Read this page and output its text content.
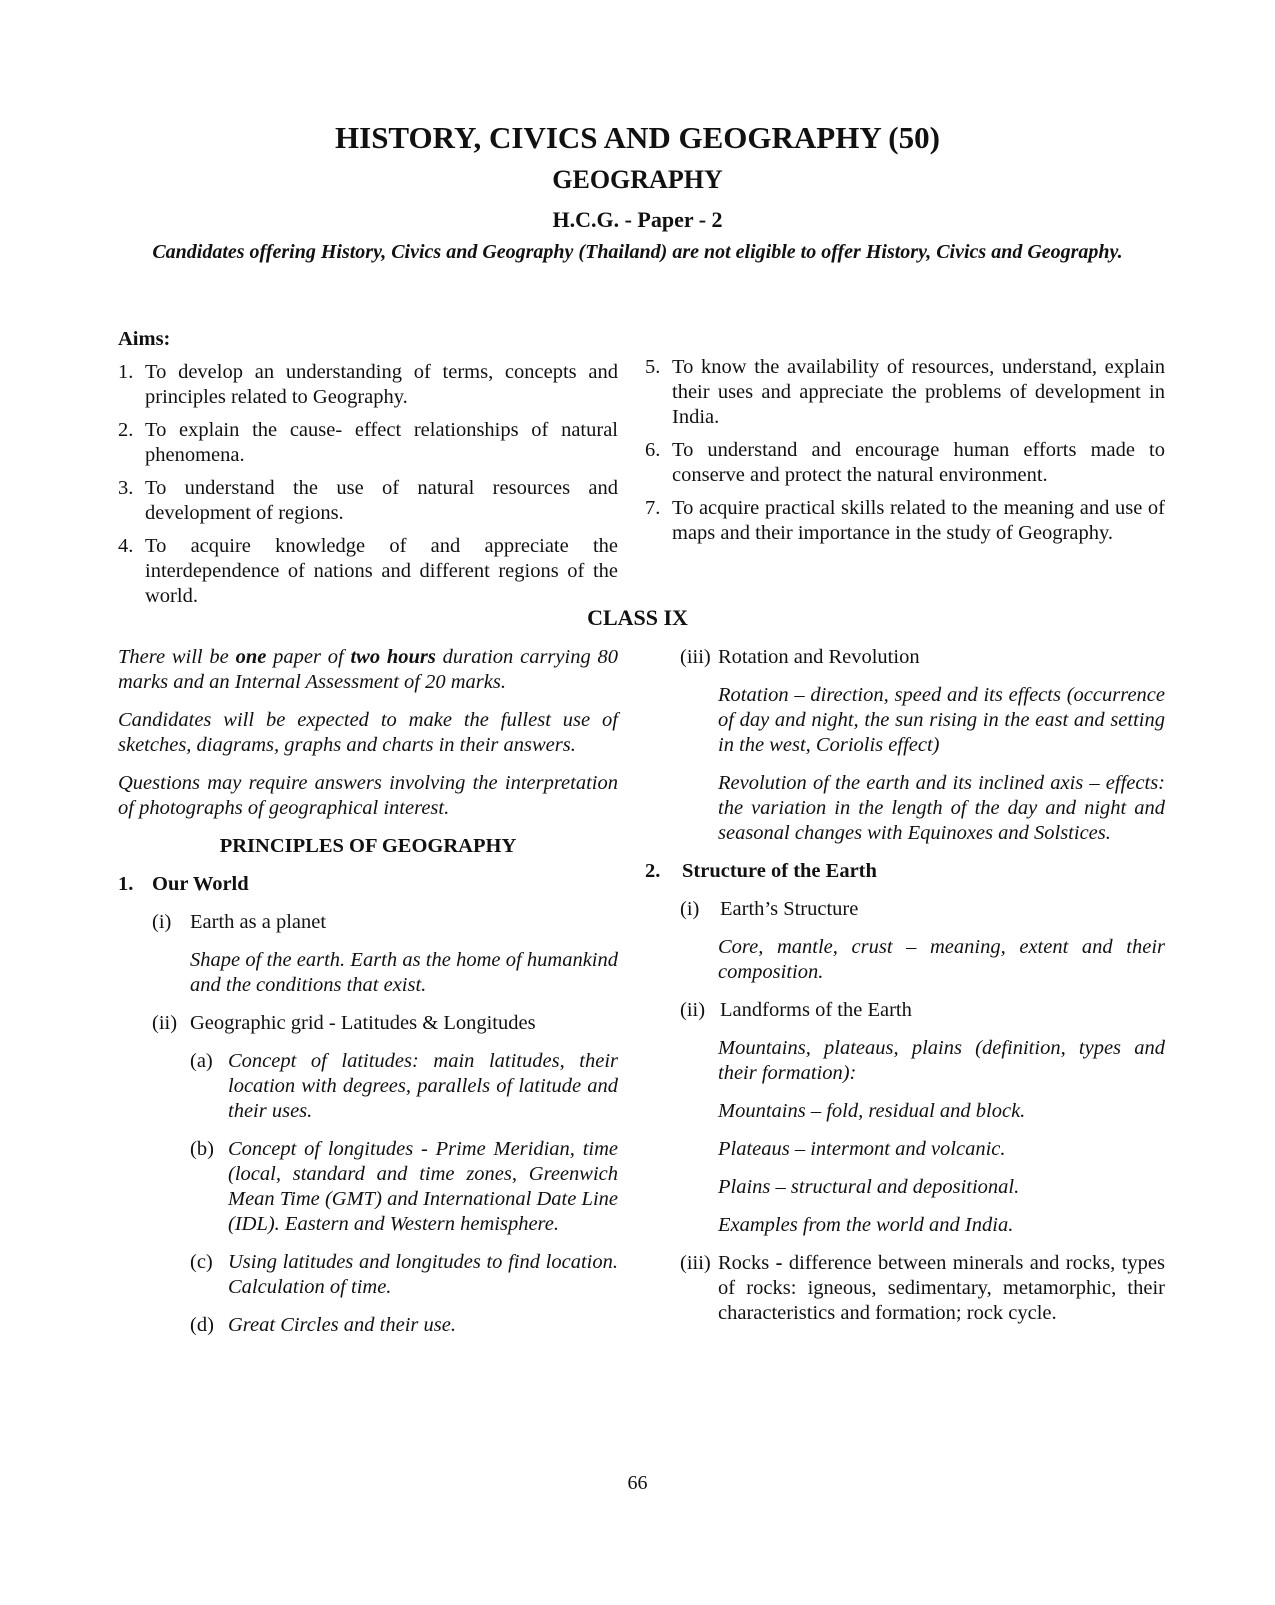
HISTORY, CIVICS AND GEOGRAPHY (50)
GEOGRAPHY
H.C.G. - Paper - 2
Candidates offering History, Civics and Geography (Thailand) are not eligible to offer History, Civics and Geography.
Aims:
1. To develop an understanding of terms, concepts and principles related to Geography.
2. To explain the cause- effect relationships of natural phenomena.
3. To understand the use of natural resources and development of regions.
4. To acquire knowledge of and appreciate the interdependence of nations and different regions of the world.
5. To know the availability of resources, understand, explain their uses and appreciate the problems of development in India.
6. To understand and encourage human efforts made to conserve and protect the natural environment.
7. To acquire practical skills related to the meaning and use of maps and their importance in the study of Geography.
CLASS IX

There will be one paper of two hours duration carrying 80 marks and an Internal Assessment of 20 marks.

Candidates will be expected to make the fullest use of sketches, diagrams, graphs and charts in their answers.

Questions may require answers involving the interpretation of photographs of geographical interest.

PRINCIPLES OF GEOGRAPHY
1. Our World
(i) Earth as a planet

Shape of the earth. Earth as the home of humankind and the conditions that exist.

(ii) Geographic grid - Latitudes & Longitudes
(a) Concept of latitudes: main latitudes, their location with degrees, parallels of latitude and their uses.
(b) Concept of longitudes - Prime Meridian, time (local, standard and time zones, Greenwich Mean Time (GMT) and International Date Line (IDL). Eastern and Western hemisphere.
(c) Using latitudes and longitudes to find location. Calculation of time.
(d) Great Circles and their use.
(iii) Rotation and Revolution

Rotation – direction, speed and its effects (occurrence of day and night, the sun rising in the east and setting in the west, Coriolis effect)

Revolution of the earth and its inclined axis – effects: the variation in the length of the day and night and seasonal changes with Equinoxes and Solstices.

2. Structure of the Earth
(i) Earth’s Structure

Core, mantle, crust – meaning, extent and their composition.

(ii) Landforms of the Earth

Mountains, plateaus, plains (definition, types and their formation):

Mountains – fold, residual and block.

Plateaus – intermont and volcanic.

Plains – structural and depositional.

Examples from the world and India.

(iii) Rocks - difference between minerals and rocks, types of rocks: igneous, sedimentary, metamorphic, their characteristics and formation; rock cycle.
66
